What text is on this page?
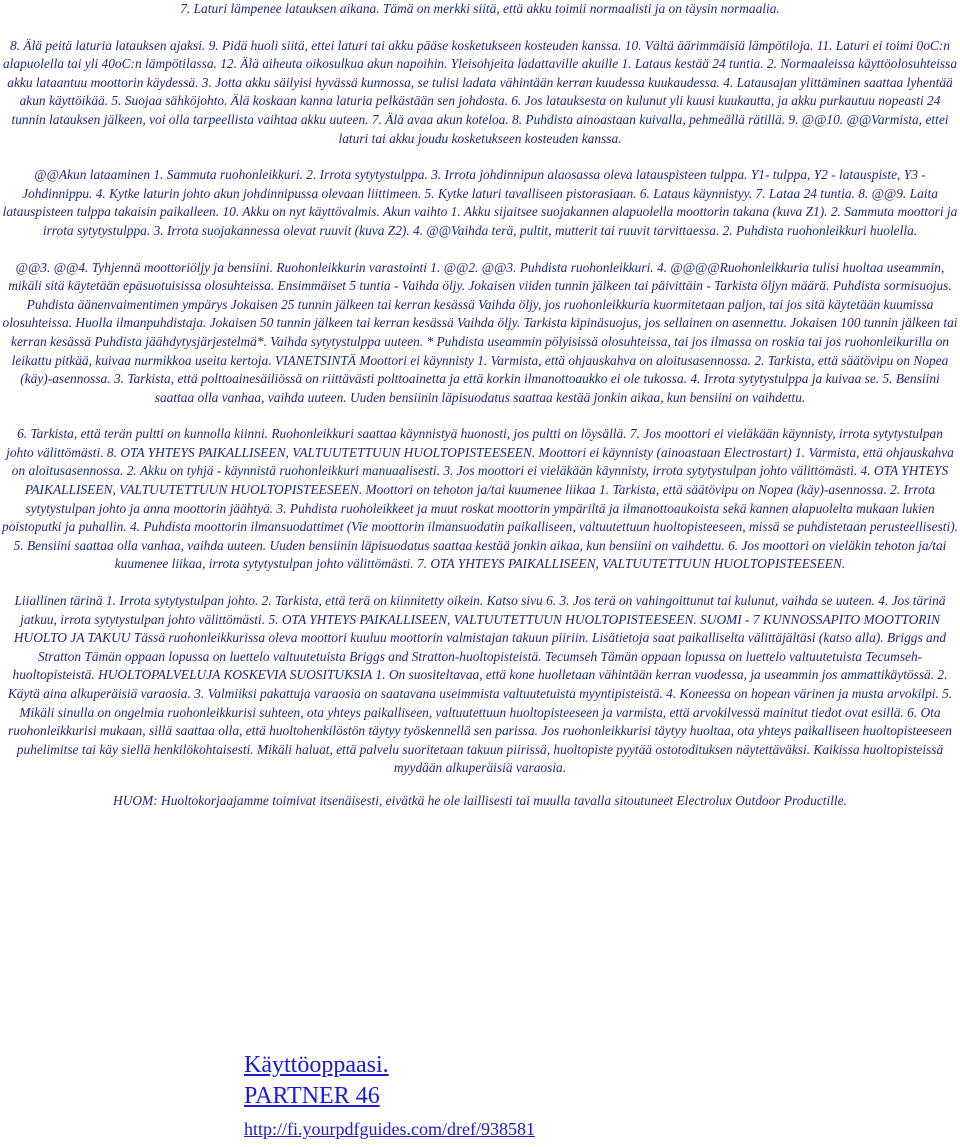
7. Laturi lämpenee latauksen aikana. Tämä on merkki siitä, että akku toimii normaalisti ja on täysin normaalia.

8. Älä peitä laturia latauksen ajaksi. 9. Pidä huoli siitä, ettei laturi tai akku pääse kosketukseen kosteuden kanssa. 10. Vältä äärimmäisiä lämpötiloja. 11. Laturi ei toimi 0oC:n alapuolella tai yli 40oC:n lämpötilassa. 12. Älä aiheuta oikosulkua akun napoihin. Yleisohjeita ladattaville akuille 1. Lataus kestää 24 tuntia. 2. Normaaleissa käyttöolosuhteissa akku lataantuu moottorin käydessä. 3. Jotta akku säilyisi hyvässä kunnossa, se tulisi ladata vähintään kerran kuudessa kuukaudessa. 4. Latausajan ylittäminen saattaa lyhentää akun käyttöikää. 5. Suojaa sähköjohto. Älä koskaan kanna laturia pelkästään sen johdosta. 6. Jos latauksesta on kulunut yli kuusi kuukautta, ja akku purkautuu nopeasti 24 tunnin latauksen jälkeen, voi olla tarpeellista vaihtaa akku uuteen. 7. Älä avaa akun koteloa. 8. Puhdista ainoastaan kuivalla, pehmeällä rätillä. 9. @@10. @@Varmista, ettei laturi tai akku joudu kosketukseen kosteuden kanssa.

@@Akun lataaminen 1. Sammuta ruohonleikkuri. 2. Irrota sytytystulppa. 3. Irrota johdinnipun alaosassa oleva latauspisteen tulppa. Y1- tulppa, Y2 - latauspiste, Y3 - Johdinnippu. 4. Kytke laturin johto akun johdinnipussa olevaan liittimeen. 5. Kytke laturi tavalliseen pistorasiaan. 6. Lataus käynnistyy. 7. Lataa 24 tuntia. 8. @@9. Laita latauspisteen tulppa takaisin paikalleen. 10. Akku on nyt käyttövalmis. Akun vaihto 1. Akku sijaitsee suojakannen alapuolella moottorin takana (kuva Z1). 2. Sammuta moottori ja irrota sytytystulppa. 3. Irrota suojakannessa olevat ruuvit (kuva Z2). 4. @@Vaihda terä, pultit, mutterit tai ruuvit tarvittaessa. 2. Puhdista ruohonleikkuri huolella.

@@3. @@4. Tyhjennä moottoriöljy ja bensiini. Ruohonleikkurin varastointi 1. @@2. @@3. Puhdista ruohonleikkuri. 4. @@@@Ruohonleikkuria tulisi huoltaa useammin, mikäli sitä käytetään epäsuotuisissa olosuhteissa. Ensimmäiset 5 tuntia - Vaihda öljy. Jokaisen viiden tunnin jälkeen tai päivittäin - Tarkista öljyn määrä. Puhdista sormisuojus. Puhdista äänenvaimentimen ympärys Jokaisen 25 tunnin jälkeen tai kerran kesässä Vaihda öljy, jos ruohonleikkuria kuormitetaan paljon, tai jos sitä käytetään kuumissa olosuhteissa. Huolla ilmanpuhdistaja. Jokaisen 50 tunnin jälkeen tai kerran kesässä Vaihda öljy. Tarkista kipinäsuojus, jos sellainen on asennettu. Jokaisen 100 tunnin jälkeen tai kerran kesässä Puhdista jäähdytysjärjestelmä*. Vaihda sytytystulppa uuteen. * Puhdista useammin pölyisissä olosuhteissa, tai jos ilmassa on roskia tai jos ruohonleikurilla on leikattu pitkää, kuivaa nurmikkoa useita kertoja. VIANETSINTÄ Moottori ei käynnisty 1. Varmista, että ohjauskahva on aloitusasennossa. 2. Tarkista, että säätövipu on Nopea (käy)-asennossa. 3. Tarkista, että polttoainesäiliössä on riittävästi polttoainetta ja että korkin ilmanottoaukko ei ole tukossa. 4. Irrota sytytystulppa ja kuivaa se. 5. Bensiini saattaa olla vanhaa, vaihda uuteen. Uuden bensiinin läpisuodatus saattaa kestää jonkin aikaa, kun bensiini on vaihdettu.

6. Tarkista, että terän pultti on kunnolla kiinni. Ruohonleikkuri saattaa käynnistyä huonosti, jos pultti on löysällä. 7. Jos moottori ei vieläkään käynnisty, irrota sytytystulpan johto välittömästi. 8. OTA YHTEYS PAIKALLISEEN, VALTUUTETTUUN HUOLTOPISTEESEEN. Moottori ei käynnisty (ainoastaan Electrostart) 1. Varmista, että ohjauskahva on aloitusasennossa. 2. Akku on tyhjä - käynnistä ruohonleikkuri manuaalisesti. 3. Jos moottori ei vieläkään käynnisty, irrota sytytystulpan johto välittömästi. 4. OTA YHTEYS PAIKALLISEEN, VALTUUTETTUUN HUOLTOPISTEESEEN. Moottori on tehoton ja/tai kuumenee liikaa 1. Tarkista, että säätövipu on Nopea (käy)-asennossa. 2. Irrota sytytystulpan johto ja anna moottorin jäähtyä. 3. Puhdista ruoholeikkeet ja muut roskat moottorin ympäriltä ja ilmanottoaukoista sekä kannen alapuolelta mukaan lukien poistoputki ja puhallin. 4. Puhdista moottorin ilmansuodattimet (Vie moottorin ilmansuodatin paikalliseen, valtuutettuun huoltopisteeseen, missä se puhdistetaan perusteellisesti). 5. Bensiini saattaa olla vanhaa, vaihda uuteen. Uuden bensiinin läpisuodatus saattaa kestää jonkin aikaa, kun bensiini on vaihdettu. 6. Jos moottori on vieläkin tehoton ja/tai kuumenee liikaa, irrota sytytystulpan johto välittömästi. 7. OTA YHTEYS PAIKALLISEEN, VALTUUTETTUUN HUOLTOPISTEESEEN.

Liiallinen tärinä 1. Irrota sytytystulpan johto. 2. Tarkista, että terä on kiinnitetty oikein. Katso sivu 6. 3. Jos terä on vahingoittunut tai kulunut, vaihda se uuteen. 4. Jos tärinä jatkuu, irrota sytytystulpan johto välittömästi. 5. OTA YHTEYS PAIKALLISEEN, VALTUUTETTUUN HUOLTOPISTEESEEN. SUOMI - 7 KUNNOSSAPITO MOOTTORIN HUOLTO JA TAKUU Tässä ruohonleikkurissa oleva moottori kuuluu moottorin valmistajan takuun piiriin. Lisätietoja saat paikalliselta välittäjältäsi (katso alla). Briggs and Stratton Tämän oppaan lopussa on luettelo valtuutetuista Briggs and Stratton-huoltopisteistä. Tecumseh Tämän oppaan lopussa on luettelo valtuutetuista Tecumseh-huoltopisteistä. HUOLTOPALVELUJA KOSKEVIA SUOSITUKSIA 1. On suositeltavaa, että kone huolletaan vähintään kerran vuodessa, ja useammin jos ammattikäytössä. 2. Käytä aina alkuperäisiä varaosia. 3. Valmiiksi pakattuja varaosia on saatavana useimmista valtuutetuista myyntipisteistä. 4. Koneessa on hopean värinen ja musta arvokilpi. 5. Mikäli sinulla on ongelmia ruohonleikkurisi suhteen, ota yhteys paikalliseen, valtuutettuun huoltopisteeseen ja varmista, että arvokilvessä mainitut tiedot ovat esillä. 6. Ota ruohonleikkurisi mukaan, sillä saattaa olla, että huoltohenkilöstön täytyy työskennellä sen parissa. Jos ruohonleikkurisi täytyy huoltaa, ota yhteys paikalliseen huoltopisteeseen puhelimitse tai käy siellä henkilökohtaisesti. Mikäli haluat, että palvelu suoritetaan takuun piirissä, huoltopiste pyytää ostotodituksen näytettäväksi. Kaikissa huoltopisteissä myydään alkuperäisiä varaosia.

HUOM: Huoltokorjaajamme toimivat itsenäisesti, eivätkä he ole laillisesti tai muulla tavalla sitoutuneet Electrolux Outdoor Productille.

Käyttöoppaasi.
PARTNER 46
http://fi.yourpdfguides.com/dref/938581
